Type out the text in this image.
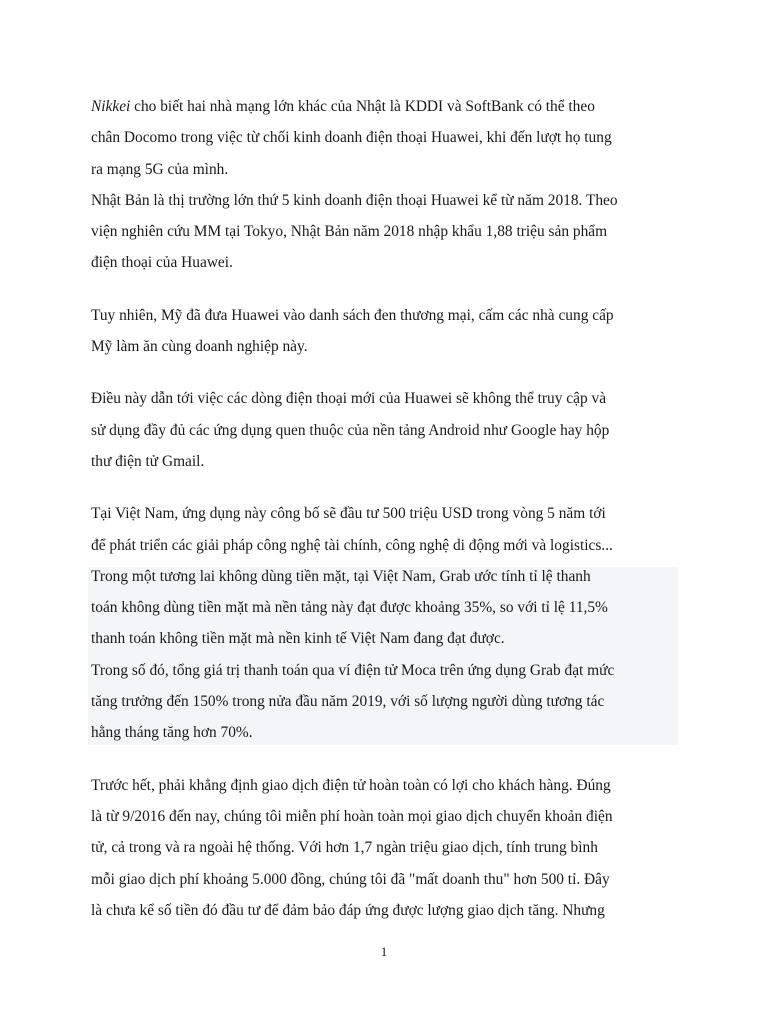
Nikkei cho biết hai nhà mạng lớn khác của Nhật là KDDI và SoftBank có thể theo
chân Docomo trong việc từ chối kinh doanh điện thoại Huawei, khi đến lượt họ tung
ra mạng 5G của mình.
Nhật Bản là thị trường lớn thứ 5 kinh doanh điện thoại Huawei kể từ năm 2018. Theo
viện nghiên cứu MM tại Tokyo, Nhật Bản năm 2018 nhập khẩu 1,88 triệu sản phẩm
điện thoại của Huawei.
Tuy nhiên, Mỹ đã đưa Huawei vào danh sách đen thương mại, cấm các nhà cung cấp
Mỹ làm ăn cùng doanh nghiệp này.
Điều này dẫn tới việc các dòng điện thoại mới của Huawei sẽ không thể truy cập và
sử dụng đầy đủ các ứng dụng quen thuộc của nền tảng Android như Google hay hộp
thư điện tử Gmail.
Tại Việt Nam, ứng dụng này công bố sẽ đầu tư 500 triệu USD trong vòng 5 năm tới
để phát triển các giải pháp công nghệ tài chính, công nghệ di động mới và logistics...
Trong một tương lai không dùng tiền mặt, tại Việt Nam, Grab ước tính tỉ lệ thanh
toán không dùng tiền mặt mà nền tảng này đạt được khoảng 35%, so với tỉ lệ 11,5%
thanh toán không tiền mặt mà nền kinh tế Việt Nam đang đạt được.
Trong số đó, tổng giá trị thanh toán qua ví điện tử Moca trên ứng dụng Grab đạt mức
tăng trưởng đến 150% trong nửa đầu năm 2019, với số lượng người dùng tương tác
hằng tháng tăng hơn 70%.
Trước hết, phải khẳng định giao dịch điện tử hoàn toàn có lợi cho khách hàng. Đúng
là từ 9/2016 đến nay, chúng tôi miễn phí hoàn toàn mọi giao dịch chuyển khoản điện
tử, cả trong và ra ngoài hệ thống. Với hơn 1,7 ngàn triệu giao dịch, tính trung bình
mỗi giao dịch phí khoảng 5.000 đồng, chúng tôi đã "mất doanh thu" hơn 500 tỉ. Đây
là chưa kể số tiền đó đầu tư để đảm bảo đáp ứng được lượng giao dịch tăng. Nhưng
1
